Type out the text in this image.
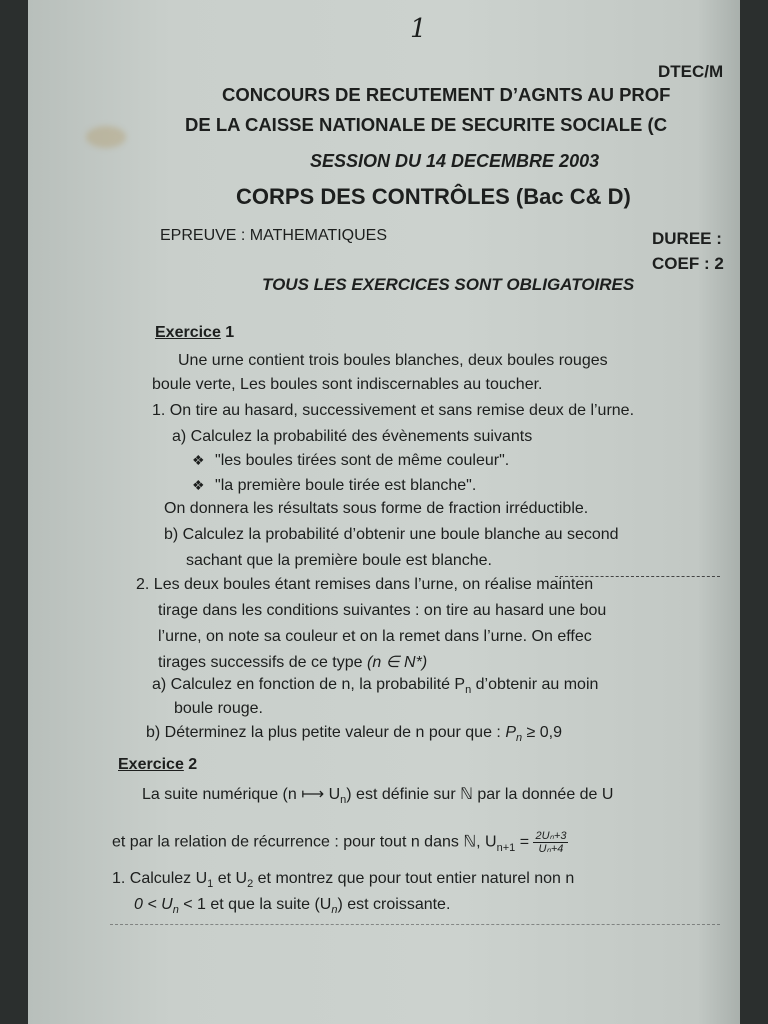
1
DTEC/M
CONCOURS DE RECUTEMENT D’AGNTS AU PROF
DE LA CAISSE NATIONALE DE SECURITE SOCIALE (C
SESSION DU 14 DECEMBRE 2003
CORPS DES CONTRÔLES (Bac C& D)
EPREUVE : MATHEMATIQUES	DUREE :
COEF : 2
TOUS LES EXERCICES SONT OBLIGATOIRES
Exercice 1
Une urne contient trois boules blanches, deux boules rouges
boule verte, Les boules sont indiscernables au toucher.
1. On tire au hasard, successivement et sans remise deux de l’urne.
a) Calculez la probabilité des évènements suivants
❖ "les boules tirées sont de même couleur".
❖ "la première boule tirée est blanche".
On donnera les résultats sous forme de fraction irréductible.
b) Calculez la probabilité d’obtenir une boule blanche au second
sachant que la première boule est blanche.
2. Les deux boules étant remises dans l’urne, on réalise mainten
tirage dans les conditions suivantes : on tire au hasard une bou
l’urne, on note sa couleur et on la remet dans l’urne. On effec
tirages successifs de ce type (n ∈ N*)
a) Calculez en fonction de n, la probabilité $P_n$ d’obtenir au moin
boule rouge.
b) Déterminez la plus petite valeur de n pour que : $P_n \ge 0,9$
Exercice 2
La suite numérique (n ⟼ $U_n$) est définie sur ℕ par la donnée de U
et par la relation de récurrence : pour tout n dans ℕ, $U_{n+1} = \frac{\text{2Uₙ+3}}{\text{Uₙ+4}}$
1. Calculez $U_1$ et $U_2$ et montrez que pour tout entier naturel non n
$0 < U_n < 1$ et que la suite $(U_n)$ est croissante.
